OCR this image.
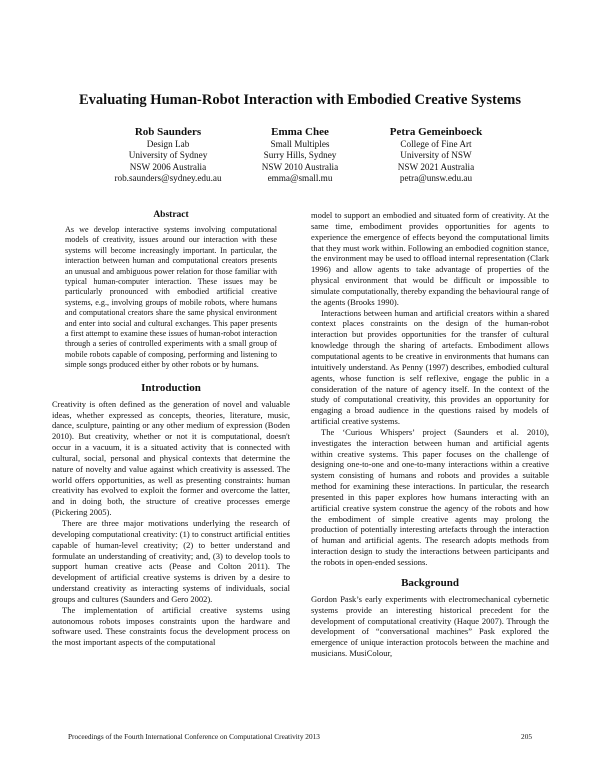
Evaluating Human-Robot Interaction with Embodied Creative Systems
Rob Saunders
Design Lab
University of Sydney
NSW 2006 Australia
rob.saunders@sydney.edu.au
Emma Chee
Small Multiples
Surry Hills, Sydney
NSW 2010 Australia
emma@small.mu
Petra Gemeinboeck
College of Fine Art
University of NSW
NSW 2021 Australia
petra@unsw.edu.au
Abstract

As we develop interactive systems involving computational models of creativity, issues around our interaction with these systems will become increasingly important. In particular, the interaction between human and computational creators presents an unusual and ambiguous power relation for those familiar with typical human-computer interaction. These issues may be particularly pronounced with embodied artificial creative systems, e.g., involving groups of mobile robots, where humans and computational creators share the same physical environment and enter into social and cultural exchanges. This paper presents a first attempt to examine these issues of human-robot interaction through a series of controlled experiments with a small group of mobile robots capable of composing, performing and listening to simple songs produced either by other robots or by humans.

Introduction

Creativity is often defined as the generation of novel and valuable ideas, whether expressed as concepts, theories, literature, music, dance, sculpture, painting or any other medium of expression (Boden 2010). But creativity, whether or not it is computational, doesn't occur in a vacuum, it is a situated activity that is connected with cultural, social, personal and physical contexts that determine the nature of novelty and value against which creativity is assessed. The world offers opportunities, as well as presenting constraints: human creativity has evolved to exploit the former and overcome the latter, and in doing both, the structure of creative processes emerge (Pickering 2005).

There are three major motivations underlying the research of developing computational creativity: (1) to construct artificial entities capable of human-level creativity; (2) to better understand and formulate an understanding of creativity; and, (3) to develop tools to support human creative acts (Pease and Colton 2011). The development of artificial creative systems is driven by a desire to understand creativity as interacting systems of individuals, social groups and cultures (Saunders and Gero 2002).

The implementation of artificial creative systems using autonomous robots imposes constraints upon the hardware and software used. These constraints focus the development process on the most important aspects of the computational

model to support an embodied and situated form of creativity. At the same time, embodiment provides opportunities for agents to experience the emergence of effects beyond the computational limits that they must work within. Following an embodied cognition stance, the environment may be used to offload internal representation (Clark 1996) and allow agents to take advantage of properties of the physical environment that would be difficult or impossible to simulate computationally, thereby expanding the behavioural range of the agents (Brooks 1990).

Interactions between human and artificial creators within a shared context places constraints on the design of the human-robot interaction but provides opportunities for the transfer of cultural knowledge through the sharing of artefacts. Embodiment allows computational agents to be creative in environments that humans can intuitively understand. As Penny (1997) describes, embodied cultural agents, whose function is self reflexive, engage the public in a consideration of the nature of agency itself. In the context of the study of computational creativity, this provides an opportunity for engaging a broad audience in the questions raised by models of artificial creative systems.

The ‘Curious Whispers’ project (Saunders et al. 2010), investigates the interaction between human and artificial agents within creative systems. This paper focuses on the challenge of designing one-to-one and one-to-many interactions within a creative system consisting of humans and robots and provides a suitable method for examining these interactions. In particular, the research presented in this paper explores how humans interacting with an artificial creative system construe the agency of the robots and how the embodiment of simple creative agents may prolong the production of potentially interesting artefacts through the interaction of human and artificial agents. The research adopts methods from interaction design to study the interactions between participants and the robots in open-ended sessions.

Background

Gordon Pask’s early experiments with electromechanical cybernetic systems provide an interesting historical precedent for the development of computational creativity (Haque 2007). Through the development of “conversational machines” Pask explored the emergence of unique interaction protocols between the machine and musicians. MusiColour,

Proceedings of the Fourth International Conference on Computational Creativity 2013	205
